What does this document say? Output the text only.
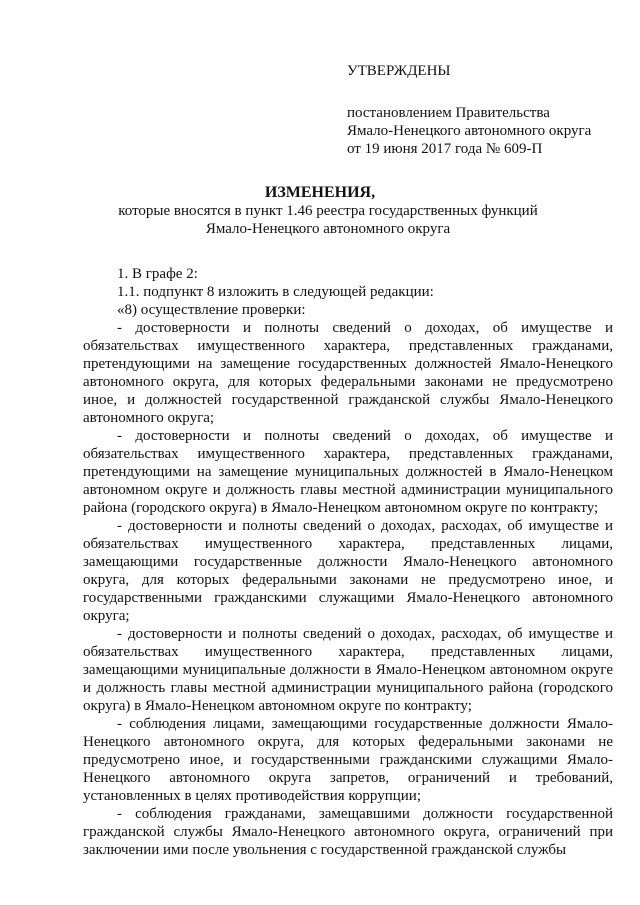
УТВЕРЖДЕНЫ
постановлением Правительства
Ямало-Ненецкого автономного округа
от 19 июня 2017 года № 609-П
ИЗМЕНЕНИЯ,
которые вносятся в пункт 1.46 реестра государственных функций
Ямало-Ненецкого автономного округа

1. В графе 2:

1.1. подпункт 8 изложить в следующей редакции:

«8) осуществление проверки:

- достоверности и полноты сведений о доходах, об имуществе и обязательствах имущественного характера, представленных гражданами, претендующими на замещение государственных должностей Ямало-Ненецкого автономного округа, для которых федеральными законами не предусмотрено иное, и должностей государственной гражданской службы Ямало-Ненецкого автономного округа;

- достоверности и полноты сведений о доходах, об имуществе и обязательствах имущественного характера, представленных гражданами, претендующими на замещение муниципальных должностей в Ямало-Ненецком автономном округе и должность главы местной администрации муниципального района (городского округа) в Ямало-Ненецком автономном округе по контракту;

- достоверности и полноты сведений о доходах, расходах, об имуществе и обязательствах имущественного характера, представленных лицами, замещающими государственные должности Ямало-Ненецкого автономного округа, для которых федеральными законами не предусмотрено иное, и государственными гражданскими служащими Ямало-Ненецкого автономного округа;

- достоверности и полноты сведений о доходах, расходах, об имуществе и обязательствах имущественного характера, представленных лицами, замещающими муниципальные должности в Ямало-Ненецком автономном округе и должность главы местной администрации муниципального района (городского округа) в Ямало-Ненецком автономном округе по контракту;

- соблюдения лицами, замещающими государственные должности Ямало-Ненецкого автономного округа, для которых федеральными законами не предусмотрено иное, и государственными гражданскими служащими Ямало-Ненецкого автономного округа запретов, ограничений и требований, установленных в целях противодействия коррупции;

- соблюдения гражданами, замещавшими должности государственной гражданской службы Ямало-Ненецкого автономного округа, ограничений при заключении ими после увольнения с государственной гражданской службы
